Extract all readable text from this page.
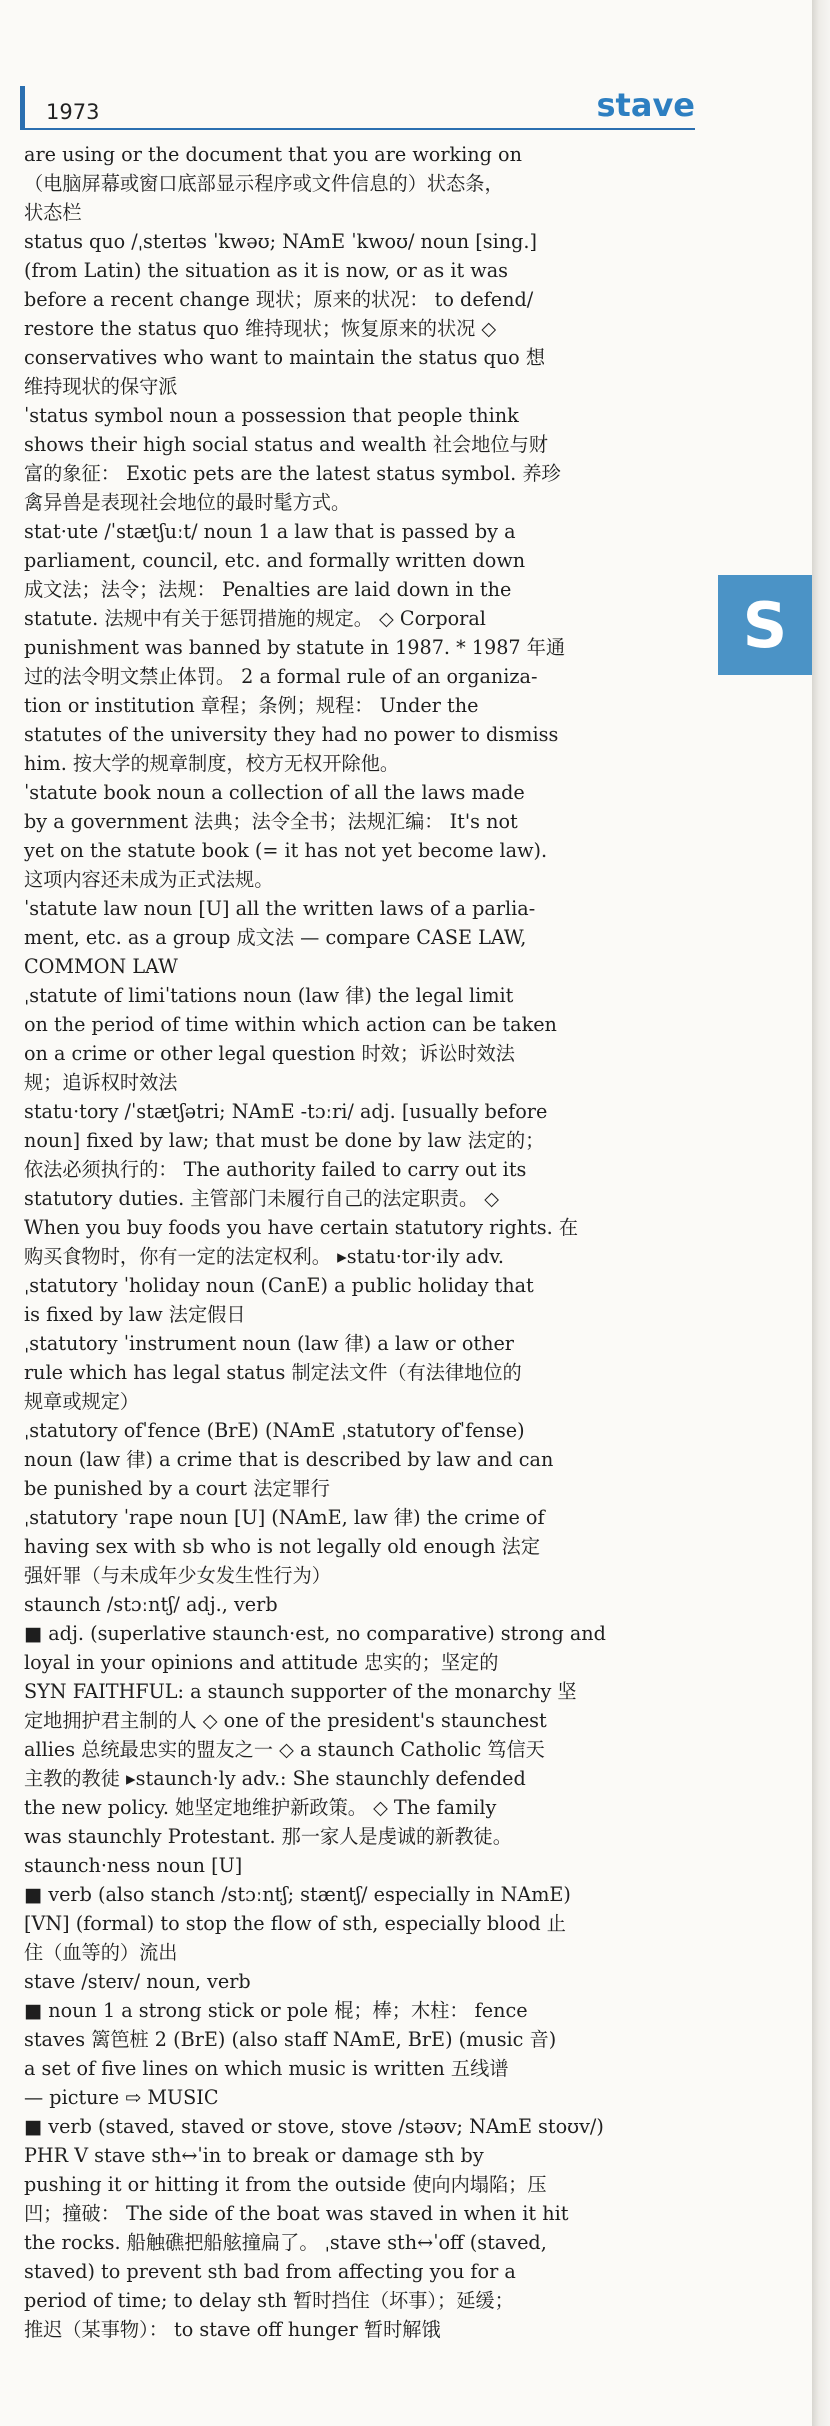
1973	stave
are using or the document that you are working on
（电脑屏幕或窗口底部显示程序或文件信息的）状态条，
状态栏
status quo /ˌsteɪtəs ˈkwəʊ; NAmE ˈkwoʊ/ noun [sing.]
(from Latin) the situation as it is now, or as it was
before a recent change 现状；原来的状况： to defend/
restore the status quo 维持现状；恢复原来的状况 ◇
conservatives who want to maintain the status quo 想
维持现状的保守派
ˈstatus symbol noun a possession that people think
shows their high social status and wealth 社会地位与财
富的象征： Exotic pets are the latest status symbol. 养珍
禽异兽是表现社会地位的最时髦方式。
stat·ute /ˈstætʃuːt/ noun 1 a law that is passed by a
parliament, council, etc. and formally written down
成文法；法令；法规： Penalties are laid down in the
statute. 法规中有关于惩罚措施的规定。 ◇ Corporal
punishment was banned by statute in 1987. * 1987 年通
过的法令明文禁止体罚。 2 a formal rule of an organiza-
tion or institution 章程；条例；规程： Under the
statutes of the university they had no power to dismiss
him. 按大学的规章制度，校方无权开除他。
ˈstatute book noun a collection of all the laws made
by a government 法典；法令全书；法规汇编： It's not
yet on the statute book (= it has not yet become law).
这项内容还未成为正式法规。
ˈstatute law noun [U] all the written laws of a parlia-
ment, etc. as a group 成文法 — compare CASE LAW,
COMMON LAW
ˌstatute of limiˈtations noun (law 律) the legal limit
on the period of time within which action can be taken
on a crime or other legal question 时效；诉讼时效法
规；追诉权时效法
statu·tory /ˈstætʃətri; NAmE -tɔːri/ adj. [usually before
noun] fixed by law; that must be done by law 法定的；
依法必须执行的： The authority failed to carry out its
statutory duties. 主管部门未履行自己的法定职责。 ◇
When you buy foods you have certain statutory rights. 在
购买食物时，你有一定的法定权利。 ▸statu·tor·ily adv.
ˌstatutory ˈholiday noun (CanE) a public holiday that
is fixed by law 法定假日
ˌstatutory ˈinstrument noun (law 律) a law or other
rule which has legal status 制定法文件（有法律地位的
规章或规定）
ˌstatutory ofˈfence (BrE) (NAmE ˌstatutory ofˈfense)
noun (law 律) a crime that is described by law and can
be punished by a court 法定罪行
ˌstatutory ˈrape noun [U] (NAmE, law 律) the crime of
having sex with sb who is not legally old enough 法定
强奸罪（与未成年少女发生性行为）
staunch /stɔːntʃ/ adj., verb
■ adj. (superlative staunch·est, no comparative) strong and
loyal in your opinions and attitude 忠实的；坚定的
SYN FAITHFUL: a staunch supporter of the monarchy 坚
定地拥护君主制的人 ◇ one of the president's staunchest
allies 总统最忠实的盟友之一 ◇ a staunch Catholic 笃信天
主教的教徒 ▸staunch·ly adv.: She staunchly defended
the new policy. 她坚定地维护新政策。 ◇ The family
was staunchly Protestant. 那一家人是虔诚的新教徒。
staunch·ness noun [U]
■ verb (also stanch /stɔːntʃ; stæntʃ/ especially in NAmE)
[VN] (formal) to stop the flow of sth, especially blood 止
住（血等的）流出
stave /steɪv/ noun, verb
■ noun 1 a strong stick or pole 棍；棒；木柱： fence
staves 篱笆桩 2 (BrE) (also staff NAmE, BrE) (music 音)
a set of five lines on which music is written 五线谱
— picture ⇨ MUSIC
■ verb (staved, staved or stove, stove /stəʊv; NAmE stoʊv/)
PHR V stave sth↔ˈin to break or damage sth by
pushing it or hitting it from the outside 使向内塌陷；压
凹；撞破： The side of the boat was staved in when it hit
the rocks. 船触礁把船舷撞扁了。 ˌstave sth↔ˈoff (staved,
staved) to prevent sth bad from affecting you for a
period of time; to delay sth 暂时挡住（坏事）；延缓；
推迟（某事物）： to stave off hunger 暂时解饿
S
